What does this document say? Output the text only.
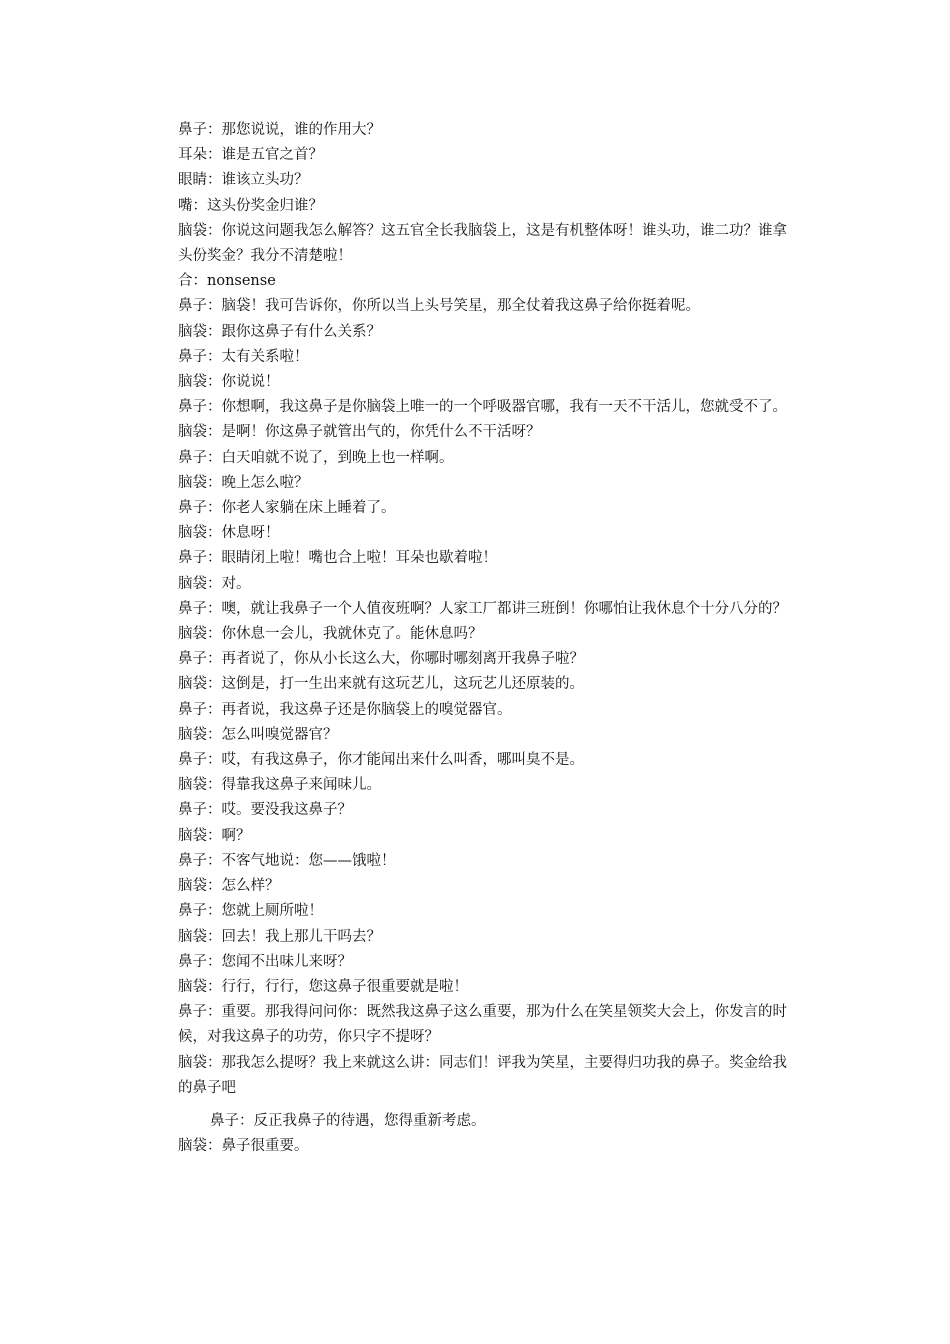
鼻子：那您说说，谁的作用大？

耳朵：谁是五官之首？

眼睛：谁该立头功？

嘴：这头份奖金归谁？

脑袋：你说这问题我怎么解答？这五官全长我脑袋上，这是有机整体呀！谁头功，谁二功？谁拿头份奖金？我分不清楚啦！

合：nonsense

鼻子：脑袋！我可告诉你，你所以当上头号笑星，那全仗着我这鼻子给你挺着呢。

脑袋：跟你这鼻子有什么关系？

鼻子：太有关系啦！

脑袋：你说说！

鼻子：你想啊，我这鼻子是你脑袋上唯一的一个呼吸器官哪，我有一天不干活儿，您就受不了。

脑袋：是啊！你这鼻子就管出气的，你凭什么不干活呀？

鼻子：白天咱就不说了，到晚上也一样啊。

脑袋：晚上怎么啦？

鼻子：你老人家躺在床上睡着了。

脑袋：休息呀！

鼻子：眼睛闭上啦！嘴也合上啦！耳朵也歇着啦！

脑袋：对。

鼻子：噢，就让我鼻子一个人值夜班啊？人家工厂都讲三班倒！你哪怕让我休息个十分八分的？

脑袋：你休息一会儿，我就休克了。能休息吗？

鼻子：再者说了，你从小长这么大，你哪时哪刻离开我鼻子啦？

脑袋：这倒是，打一生出来就有这玩艺儿，这玩艺儿还原装的。

鼻子：再者说，我这鼻子还是你脑袋上的嗅觉器官。

脑袋：怎么叫嗅觉器官？

鼻子：哎，有我这鼻子，你才能闻出来什么叫香，哪叫臭不是。

脑袋：得靠我这鼻子来闻味儿。

鼻子：哎。要没我这鼻子？

脑袋：啊？

鼻子：不客气地说：您——饿啦！

脑袋：怎么样？

鼻子：您就上厕所啦！

脑袋：回去！我上那儿干吗去？

鼻子：您闻不出味儿来呀？

脑袋：行行，行行，您这鼻子很重要就是啦！

鼻子：重要。那我得问问你：既然我这鼻子这么重要，那为什么在笑星领奖大会上，你发言的时候，对我这鼻子的功劳，你只字不提呀？

脑袋：那我怎么提呀？我上来就这么讲：同志们！评我为笑星，主要得归功我的鼻子。奖金给我的鼻子吧

鼻子：反正我鼻子的待遇，您得重新考虑。

脑袋：鼻子很重要。
